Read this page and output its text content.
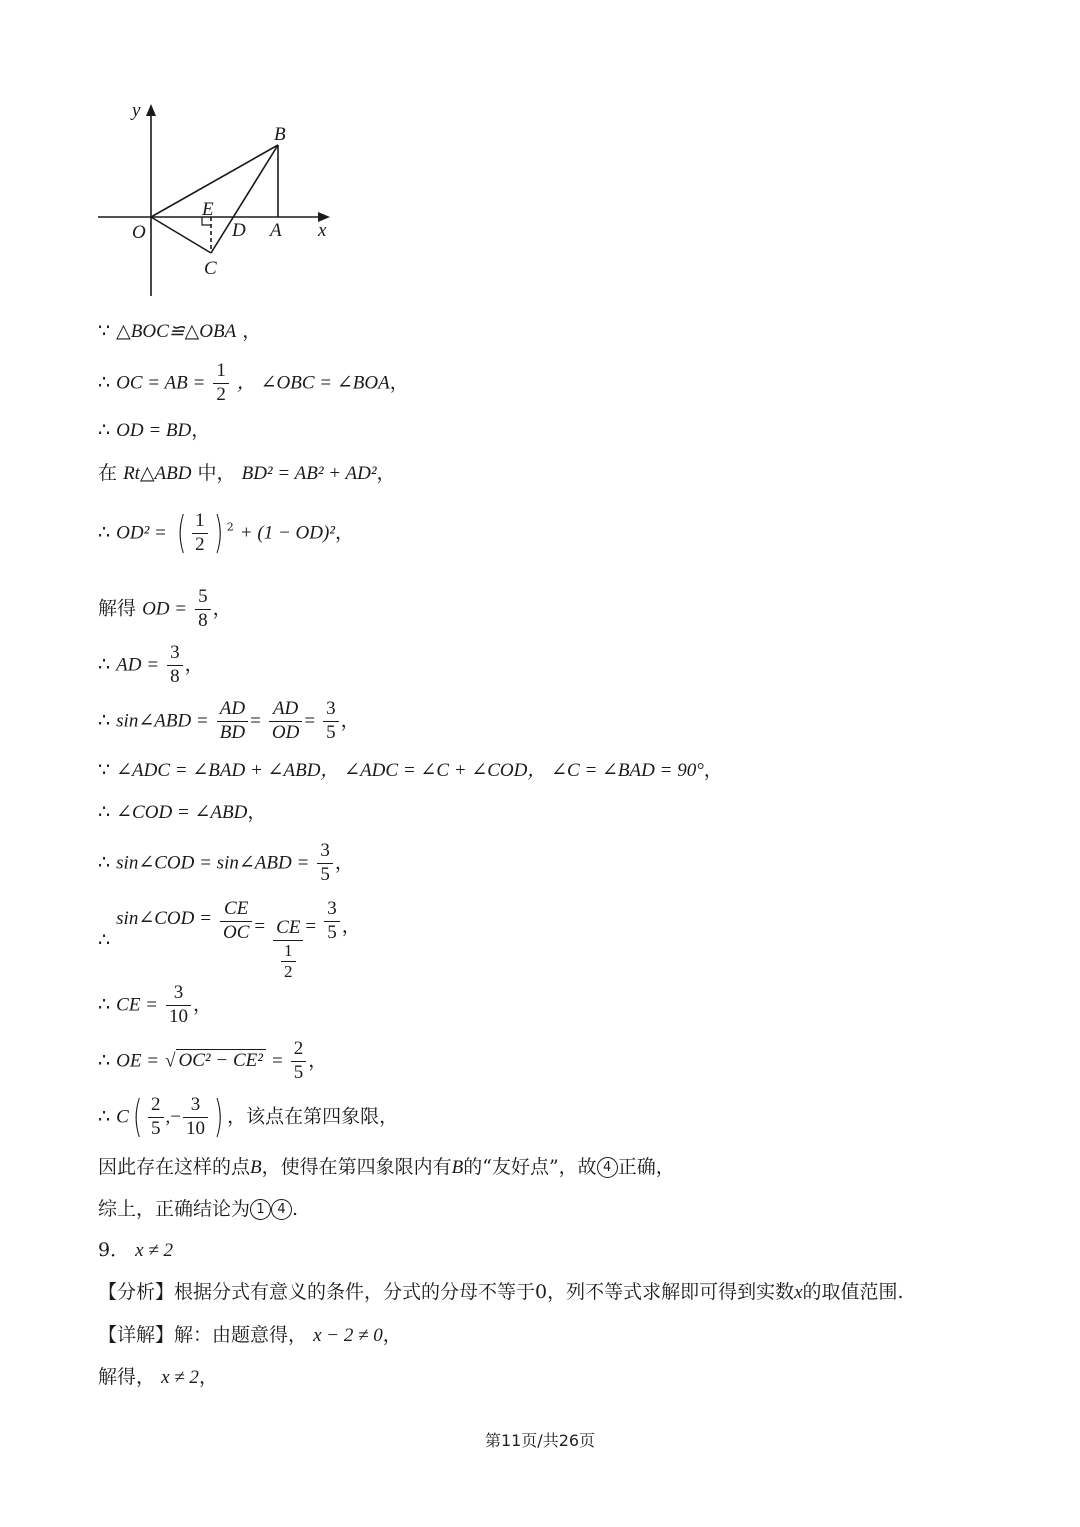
y
x
O
B
E
D A
C
∵ △BOC≌△OBA ，
∴ OC = AB = $\frac{1}{2}$ ， ∠OBC = ∠BOA，
∴ OD = BD，
在 Rt△ABD 中， BD² = AB² + AD²，
∴ OD² = ( $\frac{1}{2}$ ) $^2$ + (1 − OD)²，
解得 OD = $\frac{5}{8}$ ，
∴ AD = $\frac{3}{8}$ ，
∴ sin∠ABD = $\frac{AD}{BD} = \frac{AD}{OD} = \frac{3}{5}$ ，
∵ ∠ADC = ∠BAD + ∠ABD， ∠ADC = ∠C + ∠COD， ∠C = ∠BAD = 90°，
∴ ∠COD = ∠ABD，
∴ sin∠COD = sin∠ABD = $\frac{3}{5}$ ，
∴ sin∠COD = $\frac{CE}{OC} = \frac{CE}{\frac{1}{2}} = \frac{3}{5}$ ，
∴ CE = $\frac{3}{10}$ ，
∴ OE = √ $OC^2 - CE^2 = \frac{2}{5}$ ，
∴ $C( \frac{2}{5}$ ,− $\frac{3}{10}$ ) ，该点在第四象限，
因此存在这样的点B，使得在第四象限内有B的“友好点”，故 4 正确，
综上，正确结论为 1 4 .
9． x ≠ 2
【分析】根据分式有意义的条件，分式的分母不等于0，列不等式求解即可得到实数x的取值范围.
【详解】解：由题意得， x − 2 ≠ 0，
解得， x ≠ 2，
第11页/共26页
